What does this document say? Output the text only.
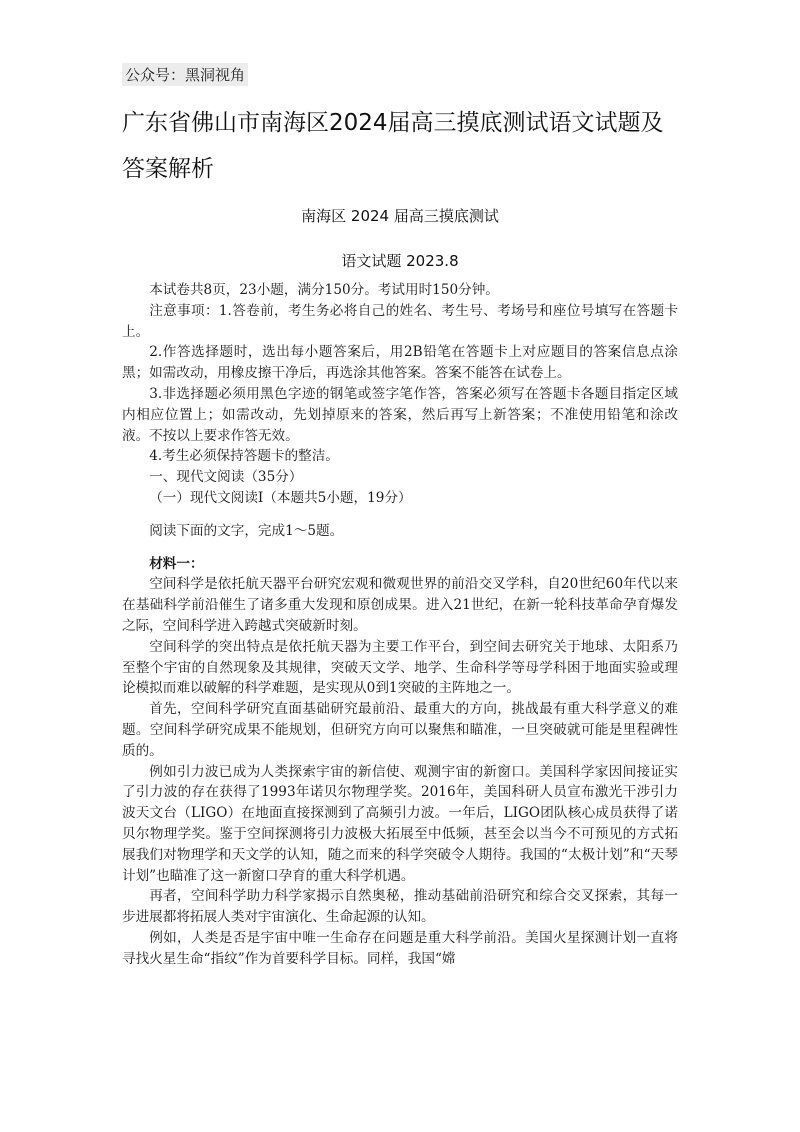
公众号：黑洞视角
广东省佛山市南海区2024届高三摸底测试语文试题及答案解析
南海区 2024 届高三摸底测试
语文试题 2023.8

本试卷共8页，23小题，满分150分。考试用时150分钟。

注意事项：1.答卷前，考生务必将自己的姓名、考生号、考场号和座位号填写在答题卡上。

2.作答选择题时，选出每小题答案后，用2B铅笔在答题卡上对应题目的答案信息点涂黑；如需改动，用橡皮擦干净后，再选涂其他答案。答案不能答在试卷上。

3.非选择题必须用黑色字迹的钢笔或签字笔作答，答案必须写在答题卡各题目指定区域内相应位置上；如需改动，先划掉原来的答案，然后再写上新答案；不准使用铅笔和涂改液。不按以上要求作答无效。

4.考生必须保持答题卡的整洁。

一、现代文阅读（35分）

（一）现代文阅读Ⅰ（本题共5小题，19分）

阅读下面的文字，完成1～5题。

材料一：

空间科学是依托航天器平台研究宏观和微观世界的前沿交叉学科，自20世纪60年代以来在基础科学前沿催生了诸多重大发现和原创成果。进入21世纪，在新一轮科技革命孕育爆发之际，空间科学进入跨越式突破新时刻。

空间科学的突出特点是依托航天器为主要工作平台，到空间去研究关于地球、太阳系乃至整个宇宙的自然现象及其规律，突破天文学、地学、生命科学等母学科困于地面实验或理论模拟而难以破解的科学难题，是实现从0到1突破的主阵地之一。

首先，空间科学研究直面基础研究最前沿、最重大的方向，挑战最有重大科学意义的难题。空间科学研究成果不能规划，但研究方向可以聚焦和瞄准，一旦突破就可能是里程碑性质的。

例如引力波已成为人类探索宇宙的新信使、观测宇宙的新窗口。美国科学家因间接证实了引力波的存在获得了1993年诺贝尔物理学奖。2016年，美国科研人员宣布激光干涉引力波天文台（LIGO）在地面直接探测到了高频引力波。一年后，LIGO团队核心成员获得了诺贝尔物理学奖。鉴于空间探测将引力波极大拓展至中低频，甚至会以当今不可预见的方式拓展我们对物理学和天文学的认知，随之而来的科学突破令人期待。我国的“太极计划”和“天琴计划”也瞄准了这一新窗口孕育的重大科学机遇。

再者，空间科学助力科学家揭示自然奥秘，推动基础前沿研究和综合交叉探索，其每一步进展都将拓展人类对宇宙演化、生命起源的认知。

例如，人类是否是宇宙中唯一生命存在问题是重大科学前沿。美国火星探测计划一直将寻找火星生命“指纹”作为首要科学目标。同样，我国“嫦
